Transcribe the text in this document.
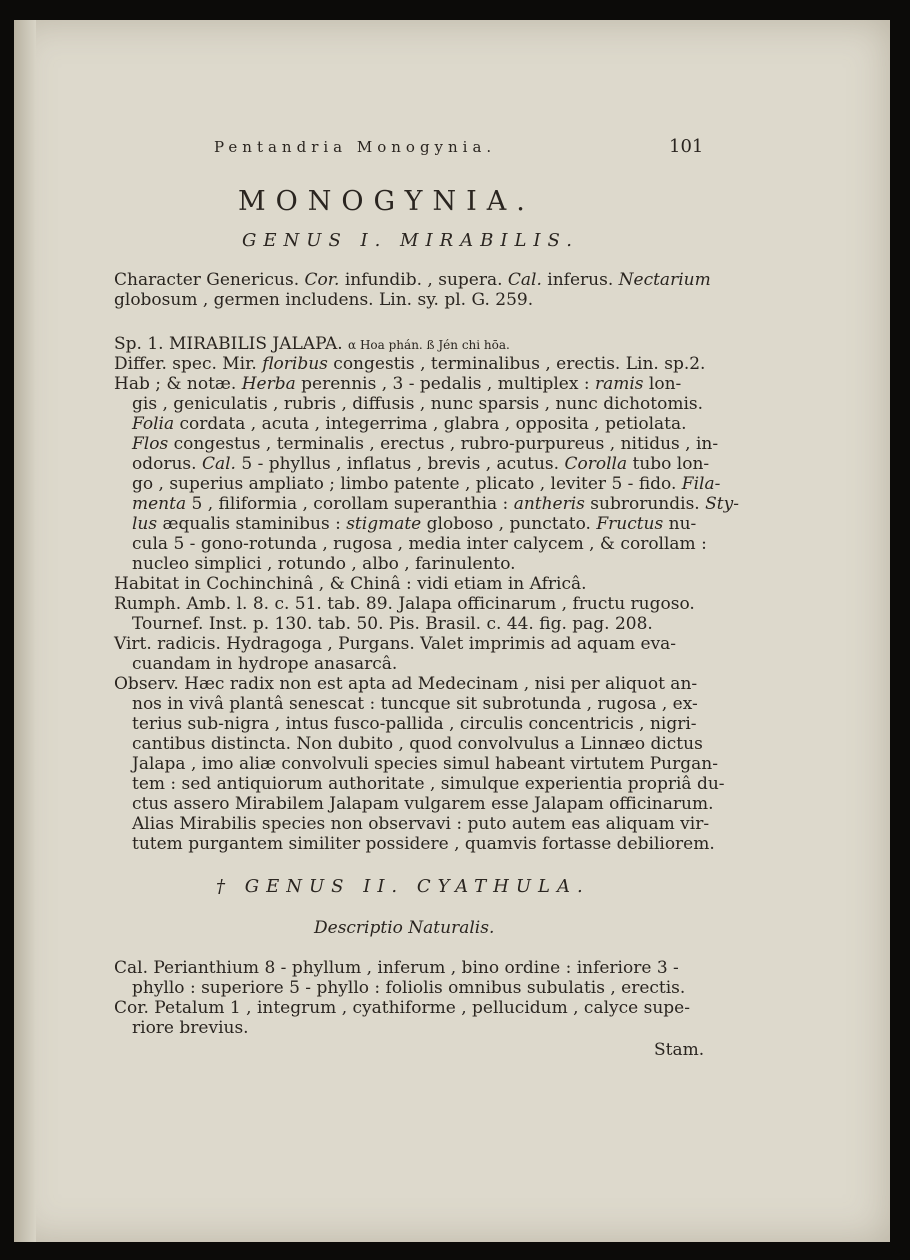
Pentandria Monogynia.	101
MONOGYNIA.
GENUS I. MIRABILIS.
Character Genericus. Cor. infundib. , supera. Cal. inferus. Nectarium
globosum , germen includens. Lin. sy. pl. G. 259.
Sp. 1. MIRABILIS JALAPA. α Hoa phán. ß Jén chi hōa.
Differ. spec. Mir. floribus congestis , terminalibus , erectis. Lin. sp.2.
Hab ; & notæ. Herba perennis , 3 - pedalis , multiplex : ramis lon-
gis , geniculatis , rubris , diffusis , nunc sparsis , nunc dichotomis.
Folia cordata , acuta , integerrima , glabra , opposita , petiolata.
Flos congestus , terminalis , erectus , rubro-purpureus , nitidus , in-
odorus. Cal. 5 - phyllus , inflatus , brevis , acutus. Corolla tubo lon-
go , superius ampliato ; limbo patente , plicato , leviter 5 - fido. Fila-
menta 5 , filiformia , corollam superanthia : antheris subrorundis. Sty-
lus æqualis staminibus : stigmate globoso , punctato. Fructus nu-
cula 5 - gono-rotunda , rugosa , media inter calycem , & corollam :
nucleo simplici , rotundo , albo , farinulento.
Habitat in Cochinchinâ , & Chinâ : vidi etiam in Africâ.
Rumph. Amb. l. 8. c. 51. tab. 89. Jalapa officinarum , fructu rugoso.
Tournef. Inst. p. 130. tab. 50. Pis. Brasil. c. 44. fig. pag. 208.
Virt. radicis. Hydragoga , Purgans. Valet imprimis ad aquam eva-
cuandam in hydrope anasarcâ.
Observ. Hæc radix non est apta ad Medecinam , nisi per aliquot an-
nos in vivâ plantâ senescat : tuncque sit subrotunda , rugosa , ex-
terius sub-nigra , intus fusco-pallida , circulis concentricis , nigri-
cantibus distincta. Non dubito , quod convolvulus a Linnæo dictus
Jalapa , imo aliæ convolvuli species simul habeant virtutem Purgan-
tem : sed antiquiorum authoritate , simulque experientia propriâ du-
ctus assero Mirabilem Jalapam vulgarem esse Jalapam officinarum.
Alias Mirabilis species non observavi : puto autem eas aliquam vir-
tutem purgantem similiter possidere , quamvis fortasse debiliorem.
† GENUS II. CYATHULA.
Descriptio Naturalis.
Cal. Perianthium 8 - phyllum , inferum , bino ordine : inferiore 3 -
phyllo : superiore 5 - phyllo : foliolis omnibus subulatis , erectis.
Cor. Petalum 1 , integrum , cyathiforme , pellucidum , calyce supe-
riore brevius.
Stam.
